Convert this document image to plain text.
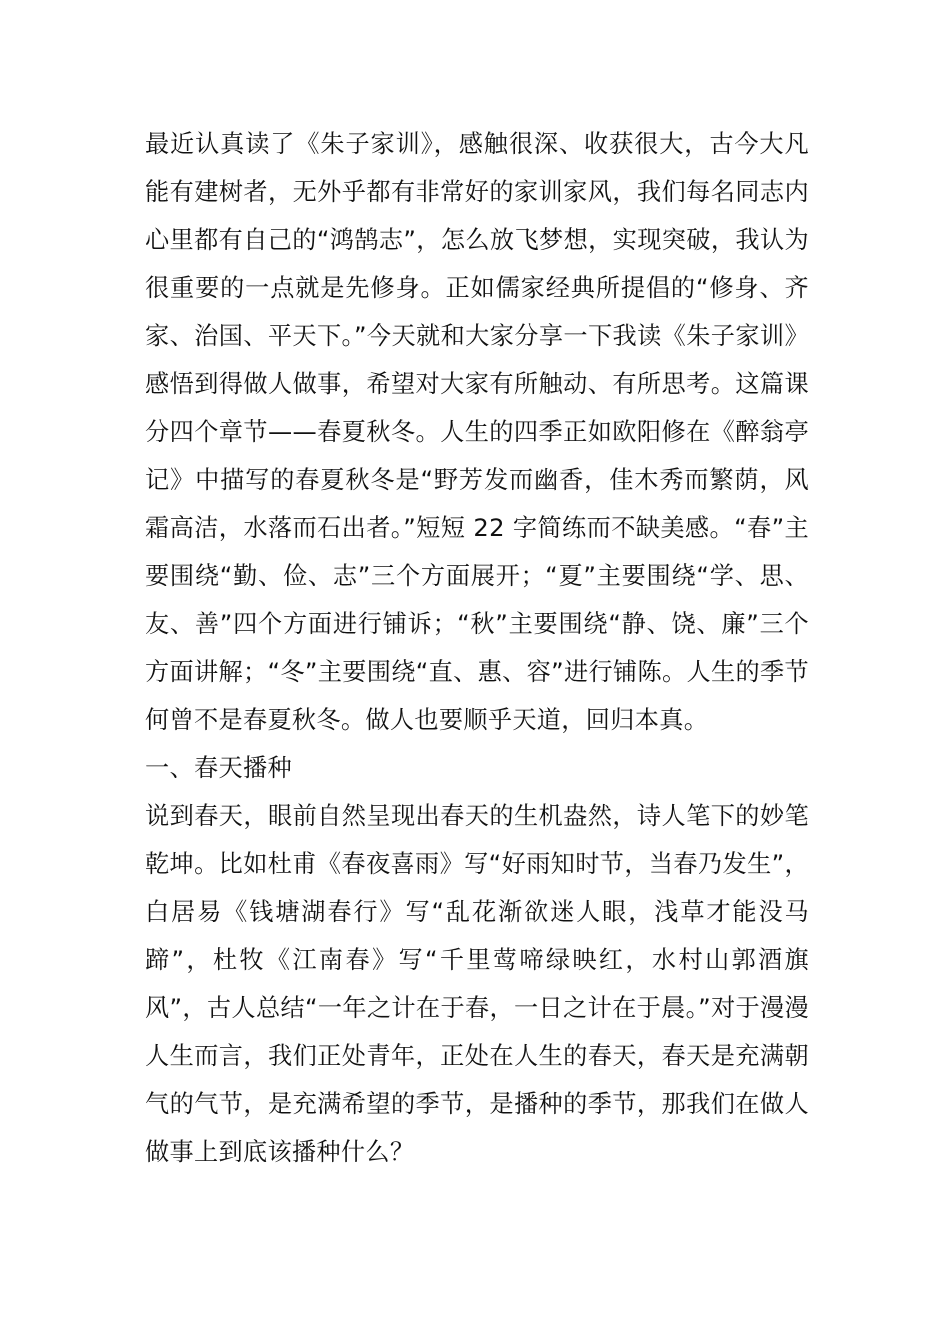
最近认真读了《朱子家训》，感触很深、收获很大，古今大凡能有建树者，无外乎都有非常好的家训家风，我们每名同志内心里都有自己的“鸿鹄志”，怎么放飞梦想，实现突破，我认为很重要的一点就是先修身。正如儒家经典所提倡的“修身、齐家、治国、平天下。”今天就和大家分享一下我读《朱子家训》感悟到得做人做事，希望对大家有所触动、有所思考。这篇课分四个章节——春夏秋冬。人生的四季正如欧阳修在《醉翁亭记》中描写的春夏秋冬是“野芳发而幽香，佳木秀而繁荫，风霜高洁，水落而石出者。”短短 22 字简练而不缺美感。“春”主要围绕“勤、俭、志”三个方面展开；“夏”主要围绕“学、思、友、善”四个方面进行铺诉；“秋”主要围绕“静、饶、廉”三个方面讲解；“冬”主要围绕“直、惠、容”进行铺陈。人生的季节何曾不是春夏秋冬。做人也要顺乎天道，回归本真。

一、春天播种

说到春天，眼前自然呈现出春天的生机盎然，诗人笔下的妙笔乾坤。比如杜甫《春夜喜雨》写“好雨知时节，当春乃发生”，白居易《钱塘湖春行》写“乱花渐欲迷人眼，浅草才能没马蹄”，杜牧《江南春》写“千里莺啼绿映红，水村山郭酒旗风”，古人总结“一年之计在于春，一日之计在于晨。”对于漫漫人生而言，我们正处青年，正处在人生的春天，春天是充满朝气的气节，是充满希望的季节，是播种的季节，那我们在做人做事上到底该播种什么？
